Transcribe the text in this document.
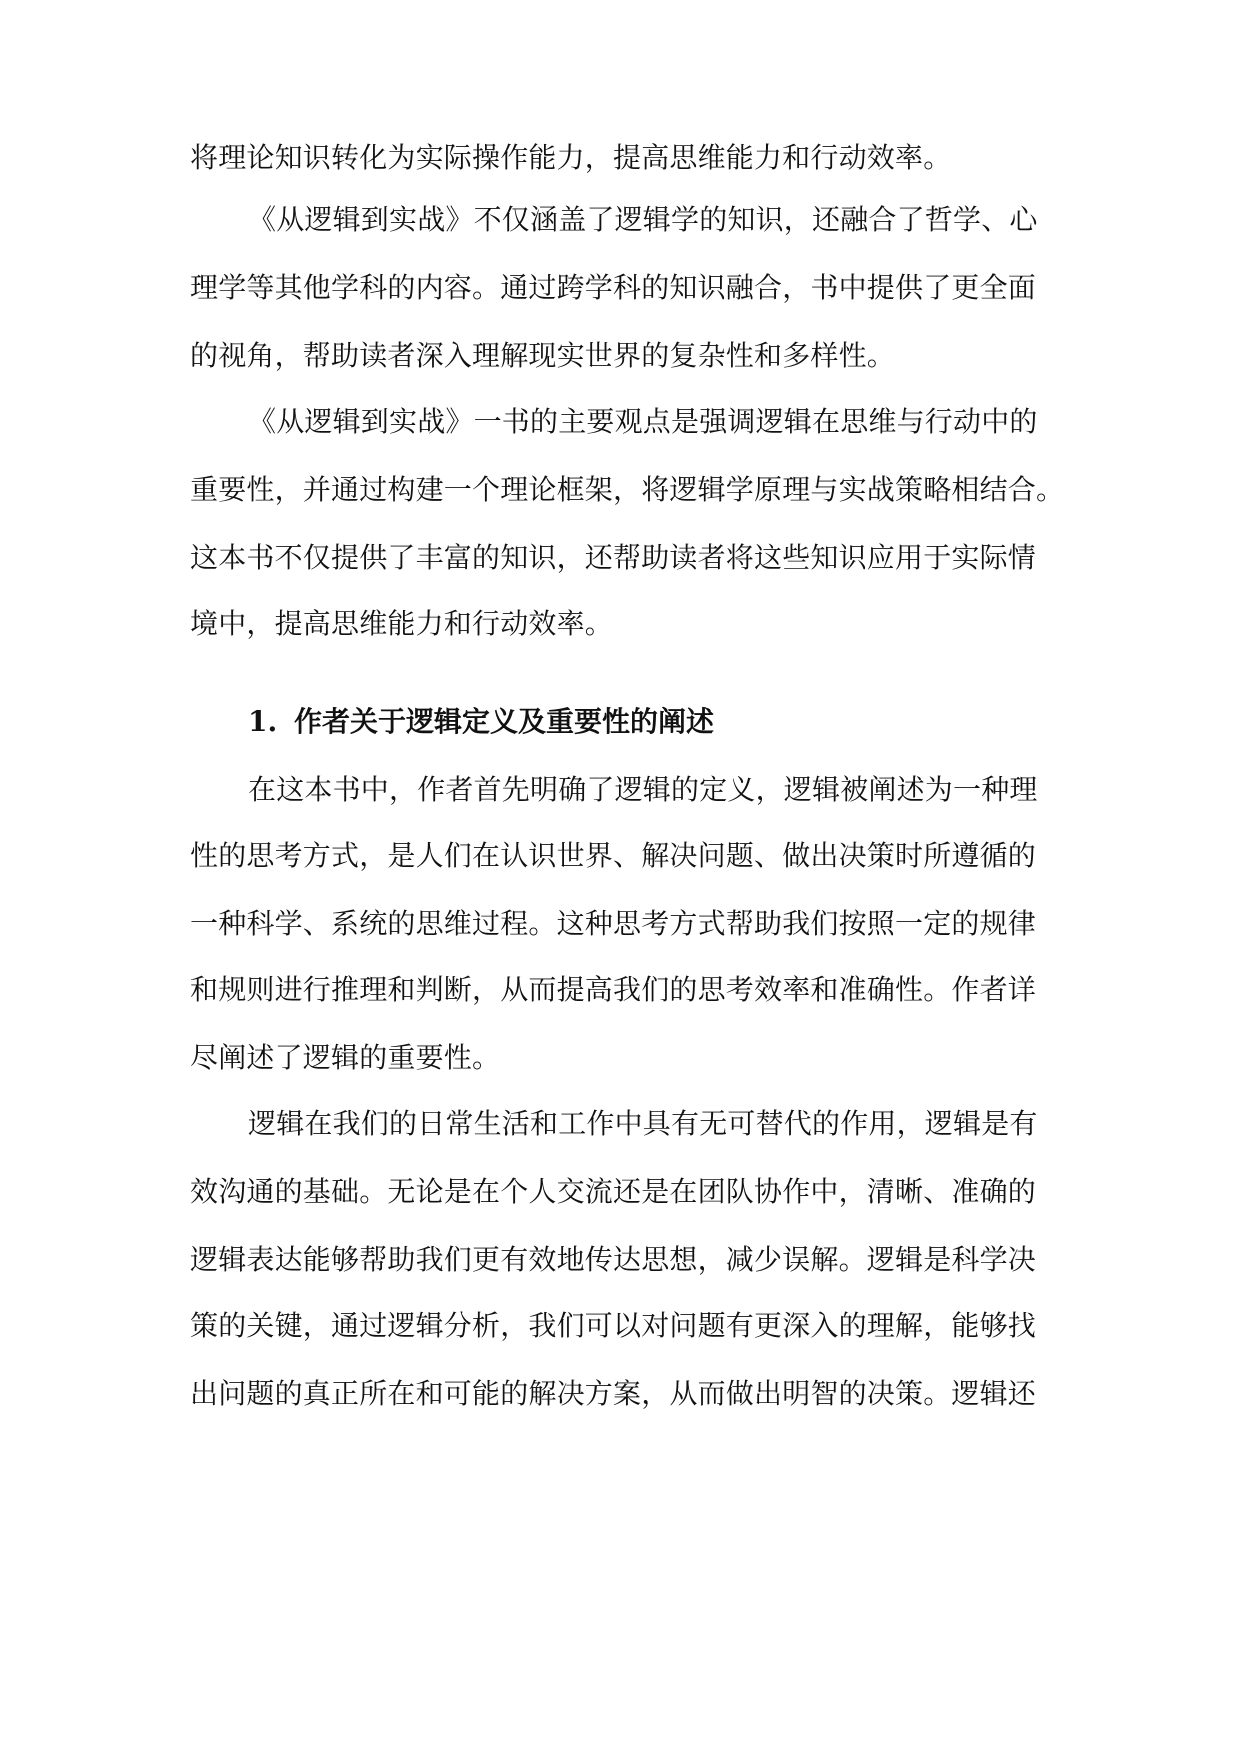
将理论知识转化为实际操作能力，提高思维能力和行动效率。
《从逻辑到实战》不仅涵盖了逻辑学的知识，还融合了哲学、心
理学等其他学科的内容。通过跨学科的知识融合，书中提供了更全面
的视角，帮助读者深入理解现实世界的复杂性和多样性。
《从逻辑到实战》一书的主要观点是强调逻辑在思维与行动中的
重要性，并通过构建一个理论框架，将逻辑学原理与实战策略相结合。
这本书不仅提供了丰富的知识，还帮助读者将这些知识应用于实际情
境中，提高思维能力和行动效率。
1. 作者关于逻辑定义及重要性的阐述
在这本书中，作者首先明确了逻辑的定义，逻辑被阐述为一种理
性的思考方式，是人们在认识世界、解决问题、做出决策时所遵循的
一种科学、系统的思维过程。这种思考方式帮助我们按照一定的规律
和规则进行推理和判断，从而提高我们的思考效率和准确性。作者详
尽阐述了逻辑的重要性。
逻辑在我们的日常生活和工作中具有无可替代的作用，逻辑是有
效沟通的基础。无论是在个人交流还是在团队协作中，清晰、准确的
逻辑表达能够帮助我们更有效地传达思想，减少误解。逻辑是科学决
策的关键，通过逻辑分析，我们可以对问题有更深入的理解，能够找
出问题的真正所在和可能的解决方案，从而做出明智的决策。逻辑还
